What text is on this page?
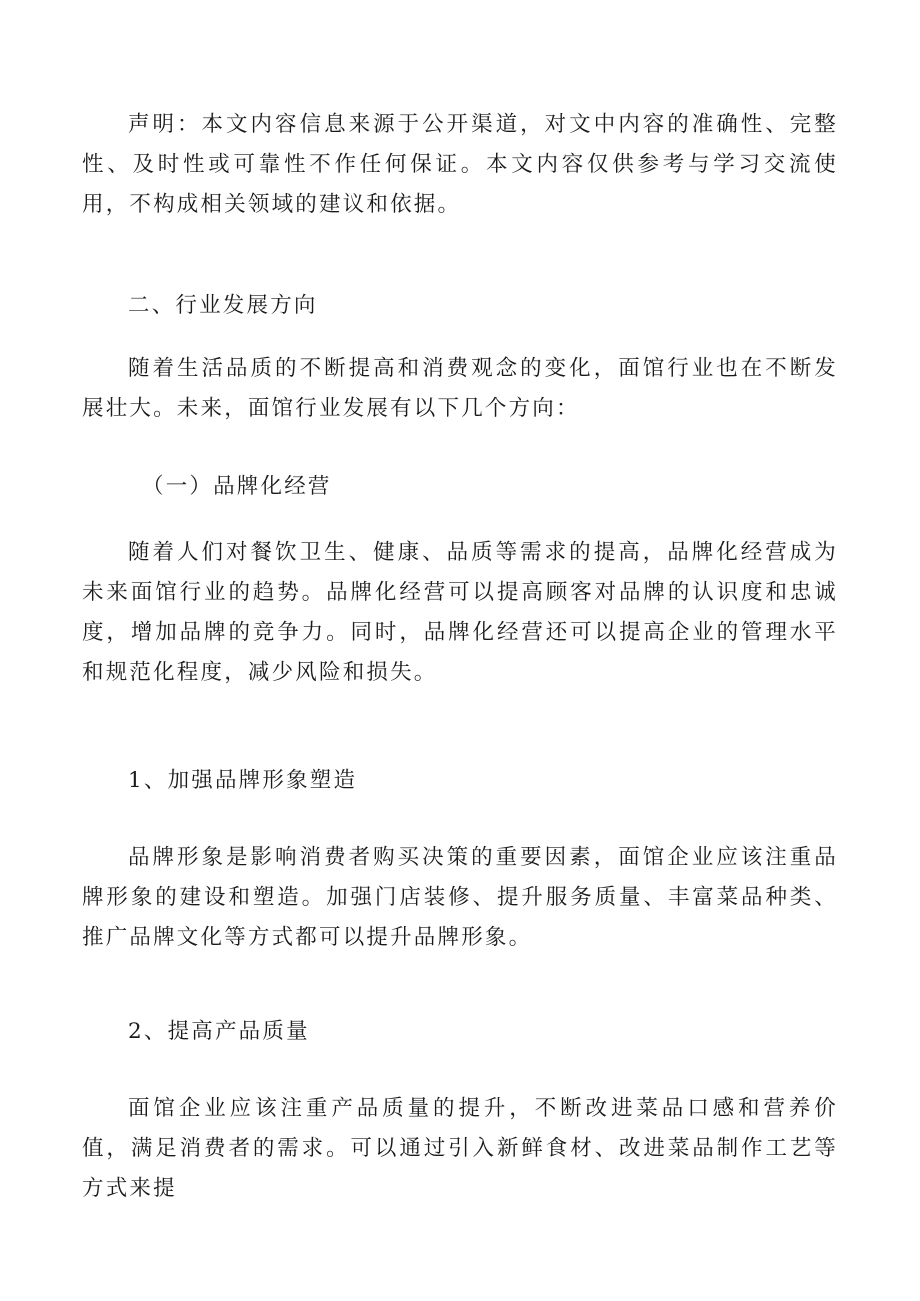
声明：本文内容信息来源于公开渠道，对文中内容的准确性、完整性、及时性或可靠性不作任何保证。本文内容仅供参考与学习交流使用，不构成相关领域的建议和依据。

二、行业发展方向

随着生活品质的不断提高和消费观念的变化，面馆行业也在不断发展壮大。未来，面馆行业发展有以下几个方向：

（一）品牌化经营

随着人们对餐饮卫生、健康、品质等需求的提高，品牌化经营成为未来面馆行业的趋势。品牌化经营可以提高顾客对品牌的认识度和忠诚度，增加品牌的竞争力。同时，品牌化经营还可以提高企业的管理水平和规范化程度，减少风险和损失。

1、加强品牌形象塑造

品牌形象是影响消费者购买决策的重要因素，面馆企业应该注重品牌形象的建设和塑造。加强门店装修、提升服务质量、丰富菜品种类、推广品牌文化等方式都可以提升品牌形象。

2、提高产品质量

面馆企业应该注重产品质量的提升，不断改进菜品口感和营养价值，满足消费者的需求。可以通过引入新鲜食材、改进菜品制作工艺等方式来提
